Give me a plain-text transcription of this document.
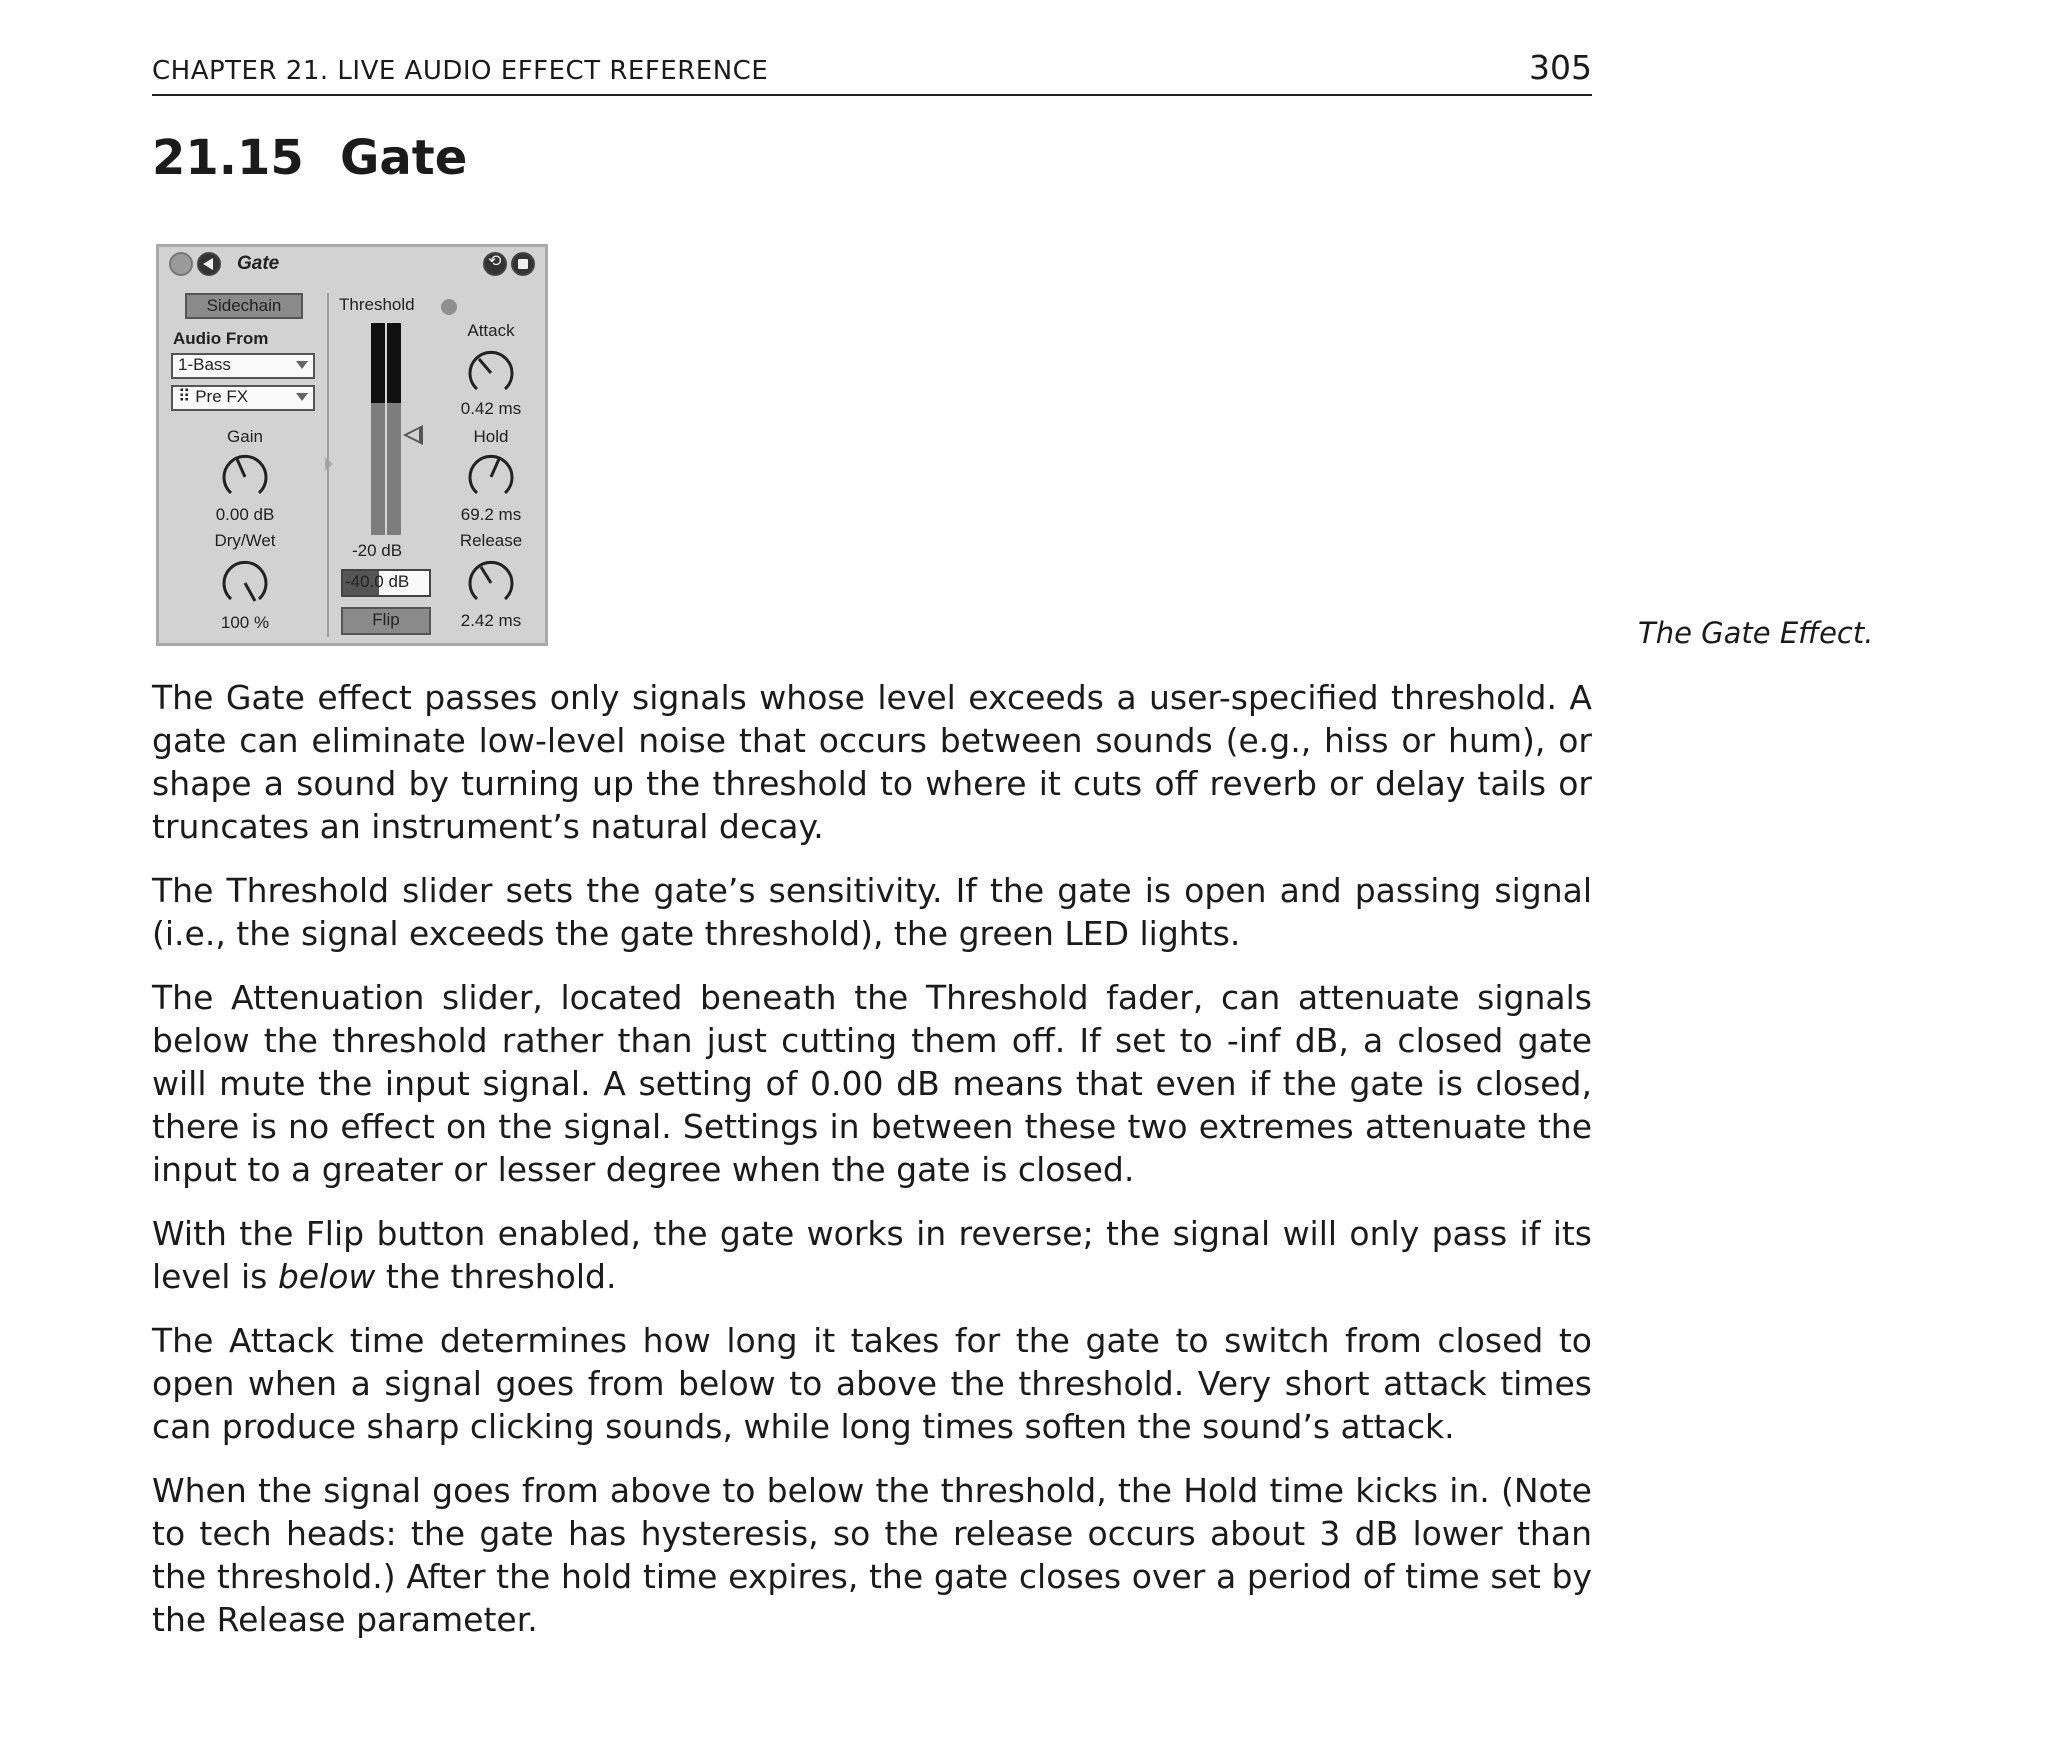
CHAPTER 21. LIVE AUDIO EFFECT REFERENCE	305
21.15 Gate
Gate
⟲
Sidechain
Audio From
1-Bass
⠿ Pre FX
Gain
0.00 dB
Dry/Wet
100 %
Threshold
-20 dB
-40.0 dB
Flip
Attack
0.42 ms
Hold
69.2 ms
Release
2.42 ms	The Gate Effect.

The Gate effect passes only signals whose level exceeds a user-specified threshold. A gate can eliminate low-level noise that occurs between sounds (e.g., hiss or hum), or shape a sound by turning up the threshold to where it cuts off reverb or delay tails or truncates an instrument’s natural decay.

The Threshold slider sets the gate’s sensitivity. If the gate is open and passing signal (i.e., the signal exceeds the gate threshold), the green LED lights.

The Attenuation slider, located beneath the Threshold fader, can attenuate signals below the threshold rather than just cutting them off. If set to -inf dB, a closed gate will mute the input signal. A setting of 0.00 dB means that even if the gate is closed, there is no effect on the signal. Settings in between these two extremes attenuate the input to a greater or lesser degree when the gate is closed.

With the Flip button enabled, the gate works in reverse; the signal will only pass if its level is below the threshold.

The Attack time determines how long it takes for the gate to switch from closed to open when a signal goes from below to above the threshold. Very short attack times can produce sharp clicking sounds, while long times soften the sound’s attack.

When the signal goes from above to below the threshold, the Hold time kicks in. (Note to tech heads: the gate has hysteresis, so the release occurs about 3 dB lower than the threshold.) After the hold time expires, the gate closes over a period of time set by the Release parameter.
